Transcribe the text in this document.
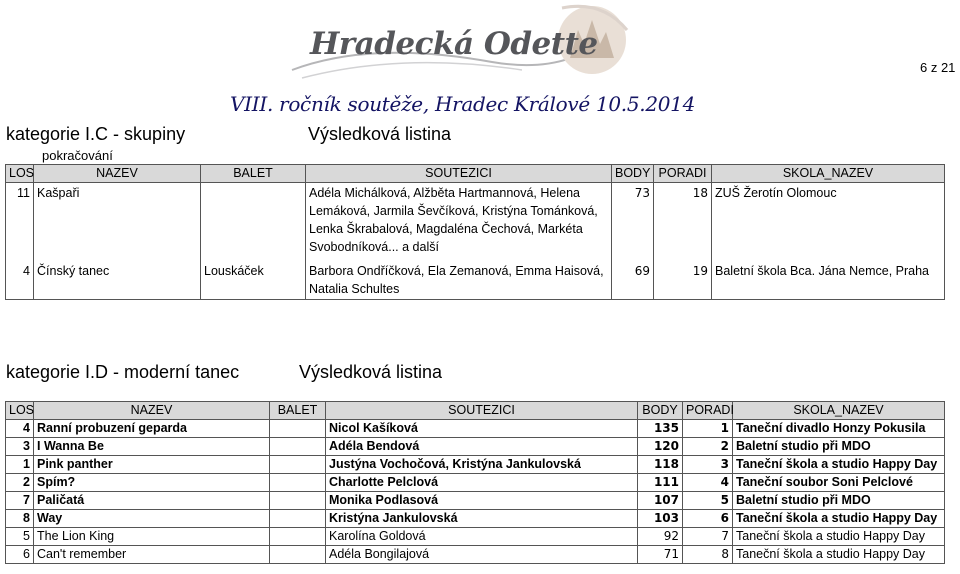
Hradecká Odette
6 z 21
VIII. ročník soutěže, Hradec Králové 10.5.2014
kategorie I.C - skupiny	Výsledková listina
pokračování
LOS	NAZEV	BALET	SOUTEZICI	BODY	PORADI	SKOLA_NAZEV
11	Kašpaři		Adéla Michálková, Alžběta Hartmannová, Helena Lemáková, Jarmila Ševčíková, Kristýna Tománková, Lenka Škrabalová, Magdaléna Čechová, Markéta Svobodníková... a další	73	18	ZUŠ Žerotín Olomouc
4	Čínský tanec	Louskáček	Barbora Ondříčková, Ela Zemanová, Emma Haisová, Natalia Schultes	69	19	Baletní škola Bca. Jána Nemce, Praha
kategorie I.D - moderní tanec	Výsledková listina
LOS	NAZEV	BALET	SOUTEZICI	BODY	PORADI	SKOLA_NAZEV
4	Ranní probuzení geparda		Nicol Kašíková	135	1	Taneční divadlo Honzy Pokusila
3	I Wanna Be		Adéla Bendová	120	2	Baletní studio při MDO
1	Pink panther		Justýna Vochočová, Kristýna Jankulovská	118	3	Taneční škola a studio Happy Day
2	Spím?		Charlotte Pelclová	111	4	Taneční soubor Soni Pelclové
7	Paličatá		Monika Podlasová	107	5	Baletní studio při MDO
8	Way		Kristýna Jankulovská	103	6	Taneční škola a studio Happy Day
5	The Lion King		Karolína Goldová	92	7	Taneční škola a studio Happy Day
6	Can't remember		Adéla Bongilajová	71	8	Taneční škola a studio Happy Day
